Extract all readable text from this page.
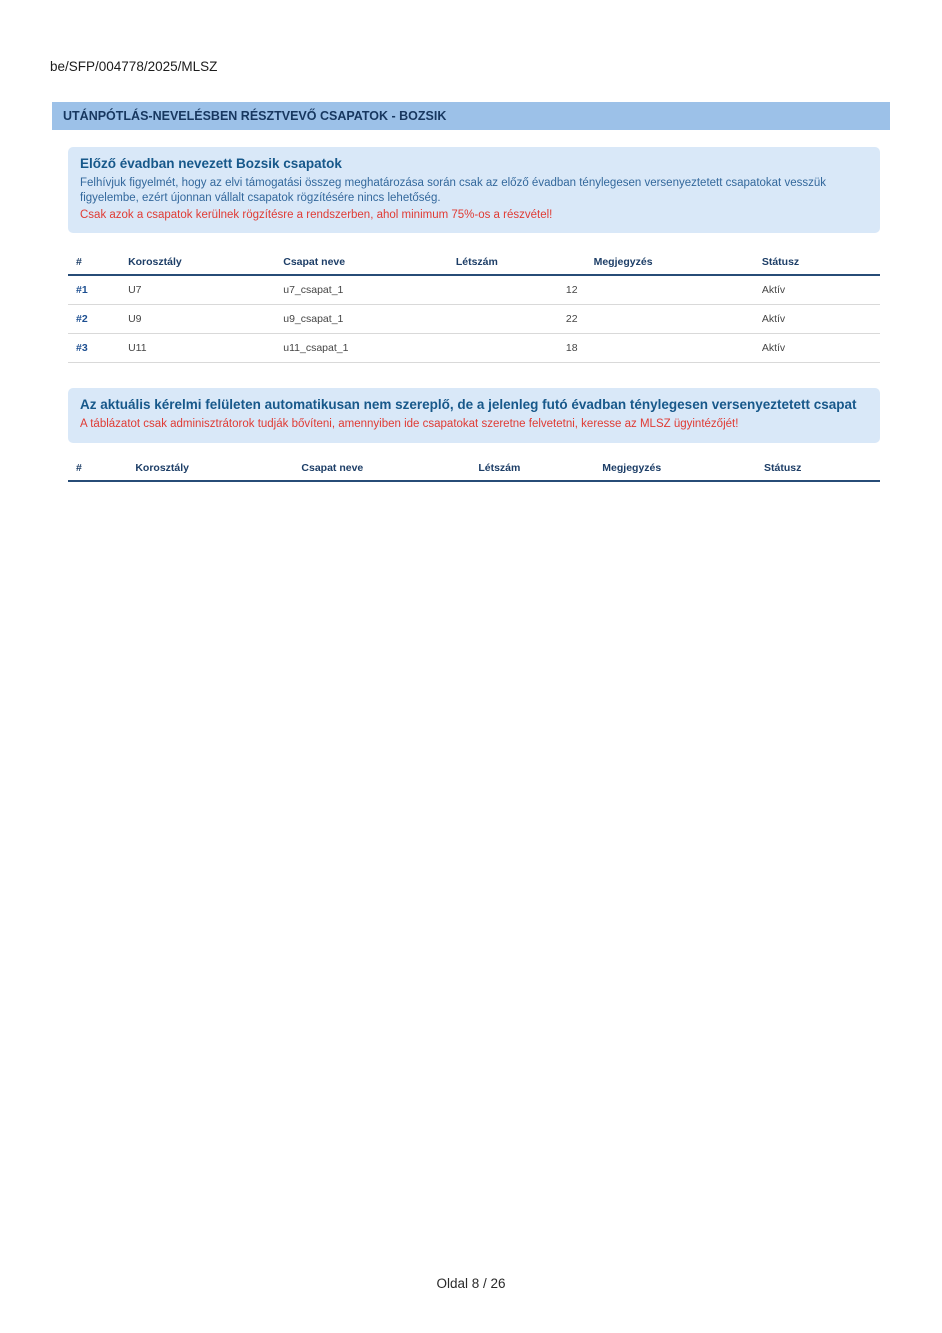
be/SFP/004778/2025/MLSZ
UTÁNPÓTLÁS-NEVELÉSBEN RÉSZTVEVŐ CSAPATOK - BOZSIK
Előző évadban nevezett Bozsik csapatok
Felhívjuk figyelmét, hogy az elvi támogatási összeg meghatározása során csak az előző évadban ténylegesen versenyeztetett csapatokat vesszük figyelembe, ezért újonnan vállalt csapatok rögzítésére nincs lehetőség.
Csak azok a csapatok kerülnek rögzítésre a rendszerben, ahol minimum 75%-os a részvétel!
#	Korosztály	Csapat neve	Létszám	Megjegyzés	Státusz
#1	U7	u7_csapat_1	12		Aktív
#2	U9	u9_csapat_1	22		Aktív
#3	U11	u11_csapat_1	18		Aktív
Az aktuális kérelmi felületen automatikusan nem szereplő, de a jelenleg futó évadban ténylegesen versenyeztetett csapat
A táblázatot csak adminisztrátorok tudják bővíteni, amennyiben ide csapatokat szeretne felvetetni, keresse az MLSZ ügyintézőjét!
#	Korosztály	Csapat neve	Létszám	Megjegyzés	Státusz
Oldal 8 / 26
